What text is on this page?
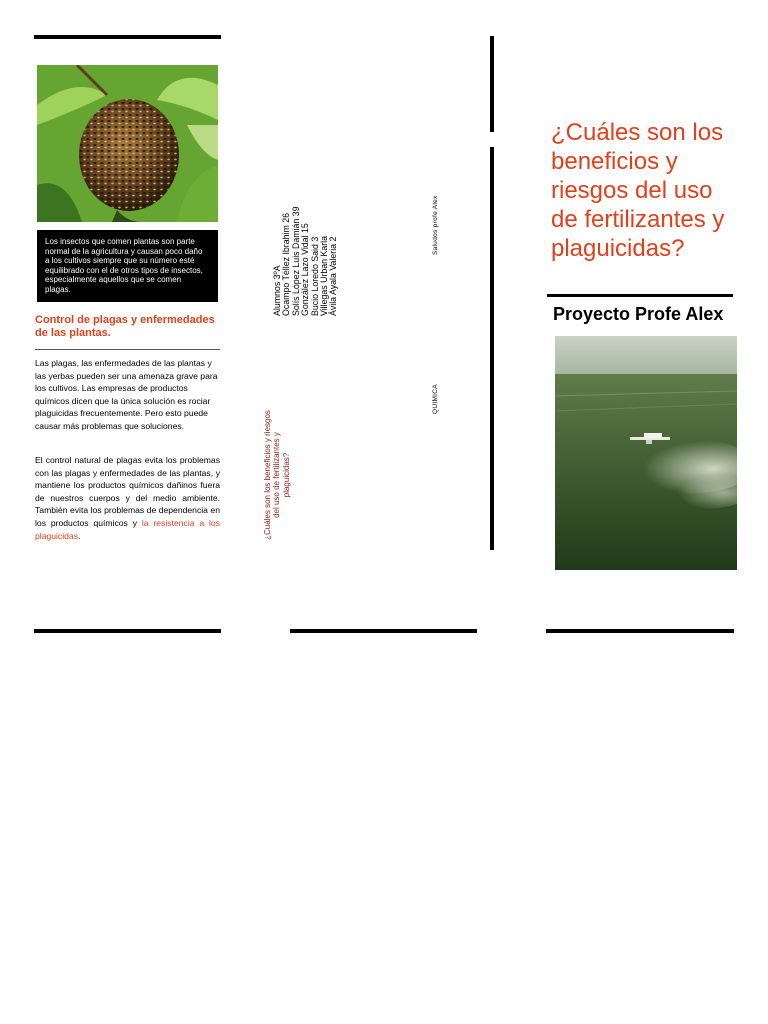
Los insectos que comen plantas son parte normal de la agricultura y causan poco daño a los cultivos siempre que su número esté equilibrado con el de otros tipos de insectos, especialmente aquellos que se comen plagas.
Control de plagas y enfermedades de las plantas.
Las plagas, las enfermedades de las plantas y las yerbas pueden ser una amenaza grave para los cultivos. Las empresas de productos químicos dicen que la única solución es rociar plaguicidas frecuentemente. Pero esto puede causar más problemas que soluciones.
El control natural de plagas evita los problemas con las plagas y enfermedades de las plantas, y mantiene los productos químicos dañinos fuera de nuestros cuerpos y del medio ambiente. También evita los problemas de dependencia en los productos químicos y la resistencia a los plaguicidas.
Alumnos 3ºA Ocampo Téllez Ibrahim 26 Solís López Luis Damián 39 González Lazo Vidal 15 Bucio Loredo Said 3 Villegas Urban Karla Ávila Ayala Valeria 2
¿Cuáles son los beneficios y riesgos del uso de fertilizantes y plaguicidas?
Saludos profe Alex
QUIMICA
¿Cuáles son los beneficios y riesgos del uso de fertilizantes y plaguicidas?
Proyecto Profe Alex
